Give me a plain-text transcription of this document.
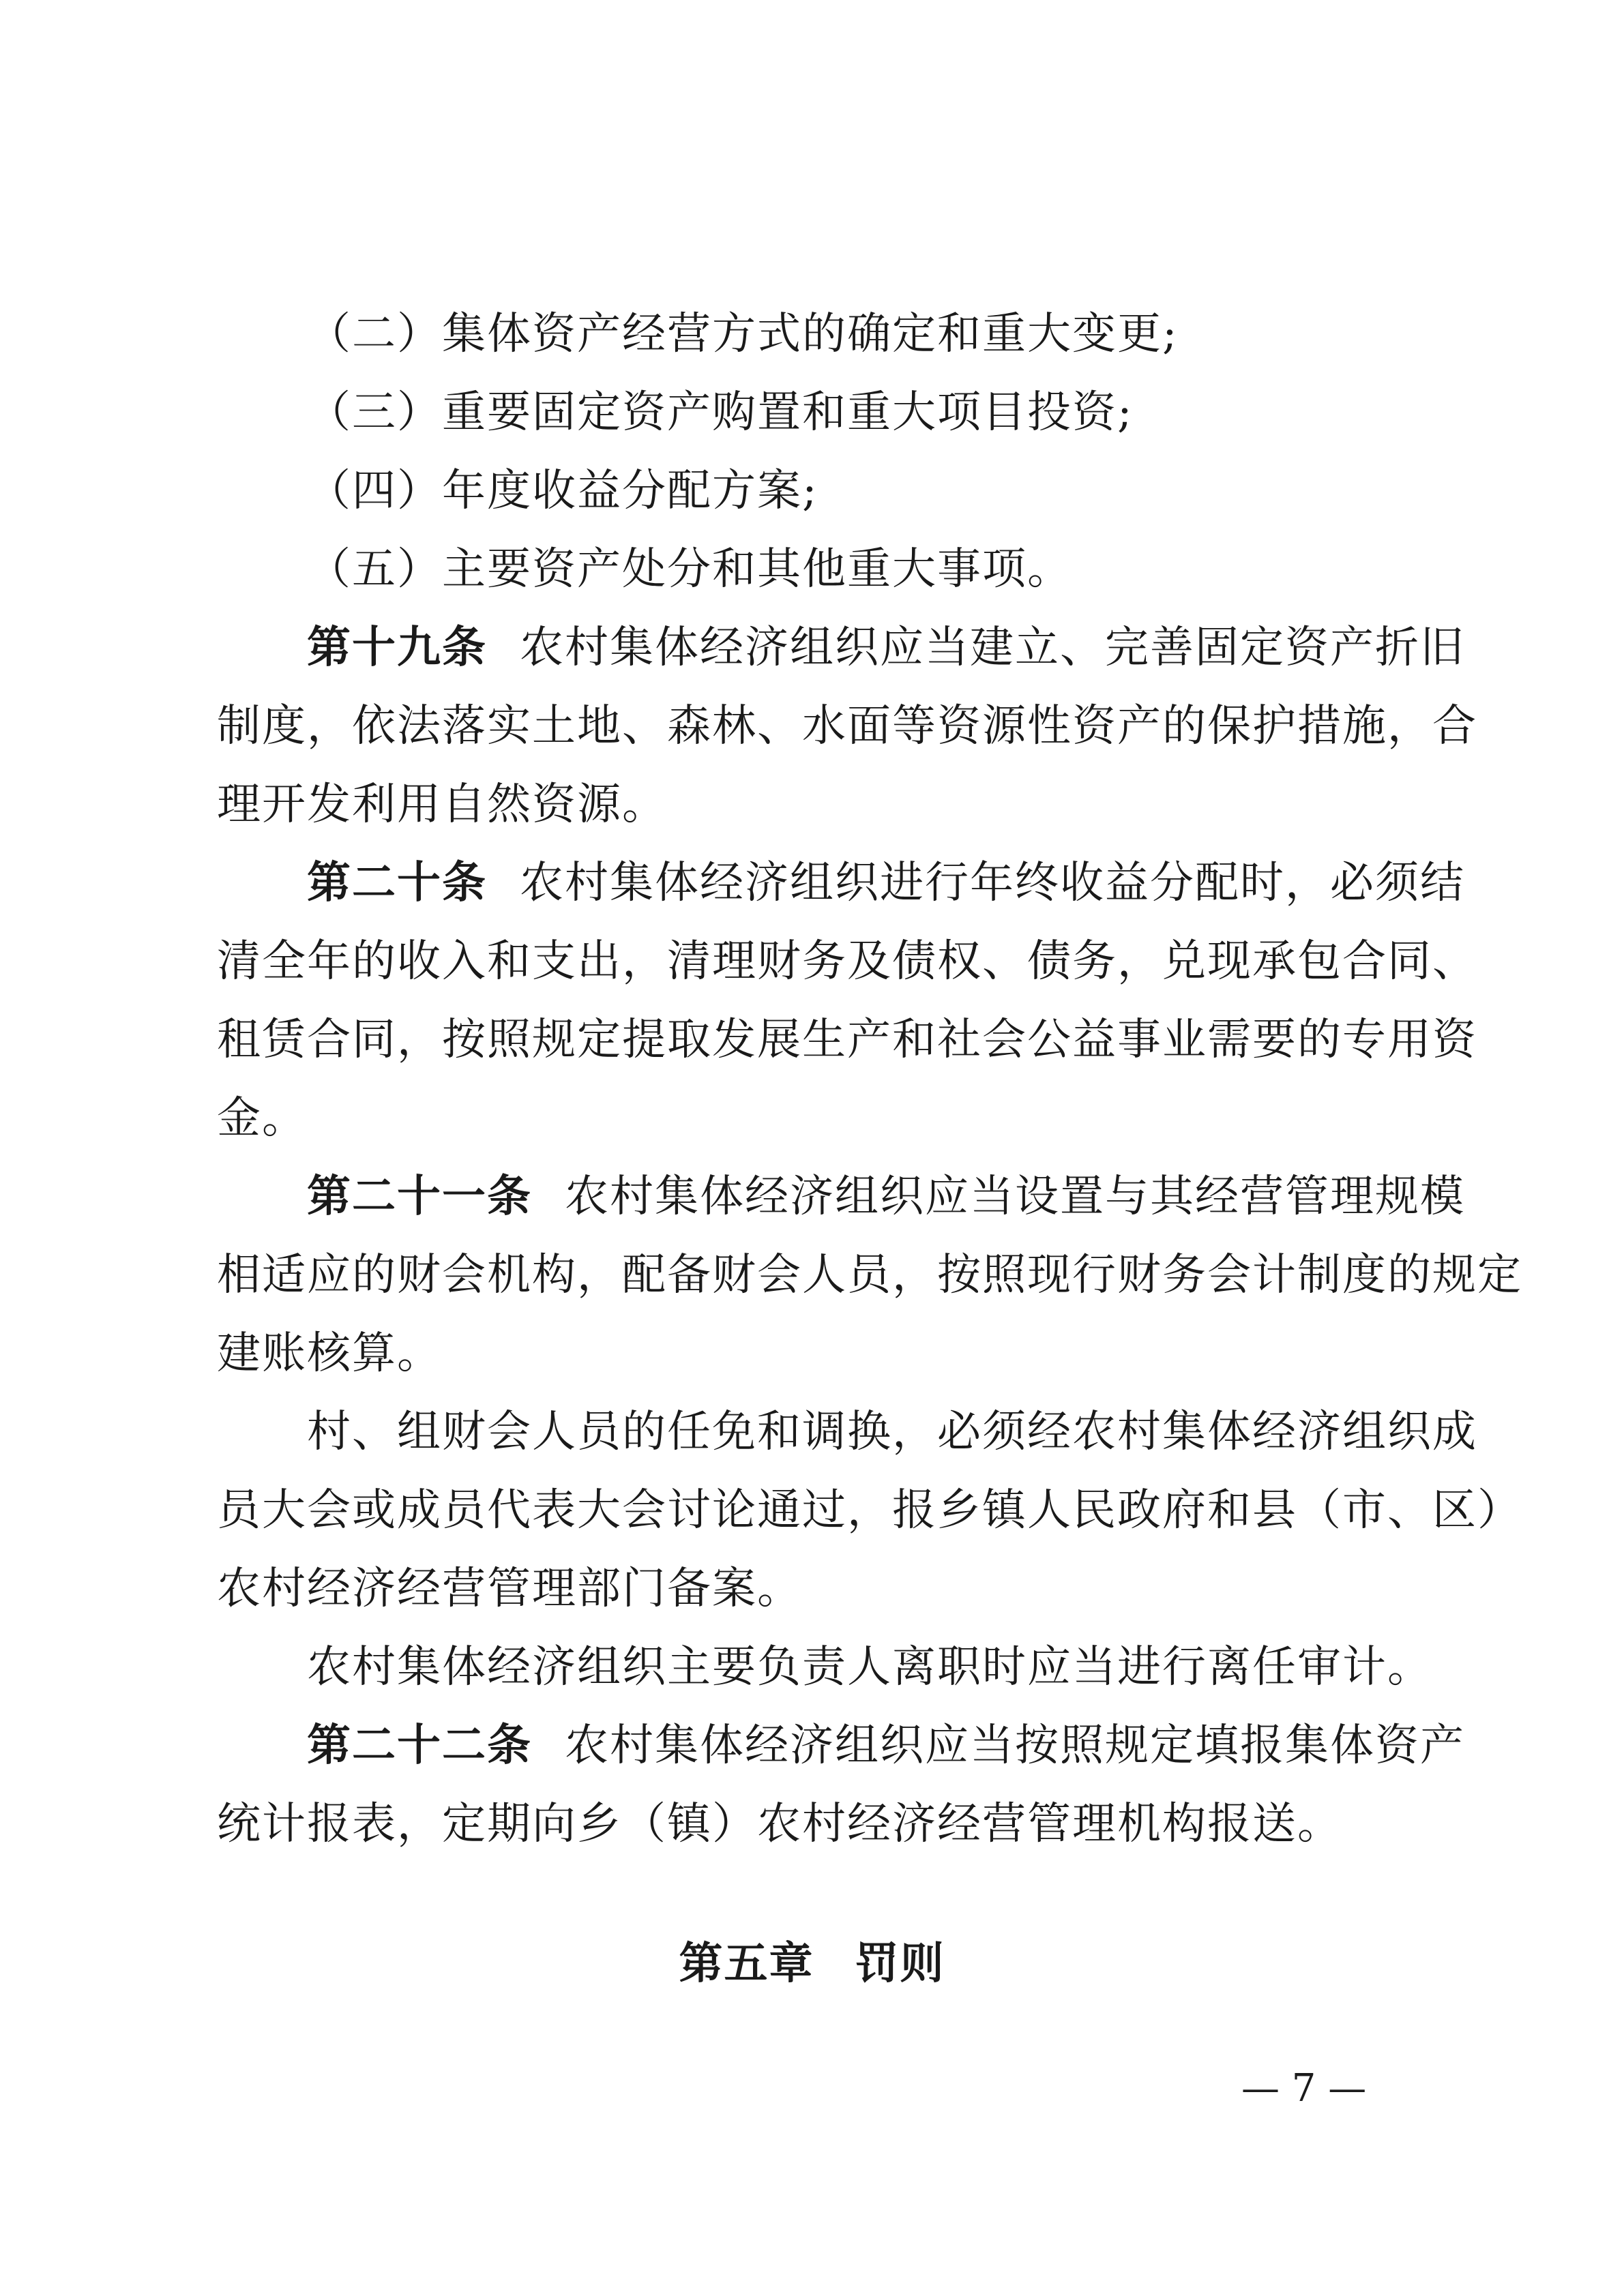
（二）集体资产经营方式的确定和重大变更;
（三）重要固定资产购置和重大项目投资;
（四）年度收益分配方案;
（五）主要资产处分和其他重大事项。
第十九条 农村集体经济组织应当建立、完善固定资产折旧
制度，依法落实土地、森林、水面等资源性资产的保护措施，合
理开发利用自然资源。
第二十条 农村集体经济组织进行年终收益分配时，必须结
清全年的收入和支出，清理财务及债权、债务，兑现承包合同、
租赁合同，按照规定提取发展生产和社会公益事业需要的专用资
金。
第二十一条 农村集体经济组织应当设置与其经营管理规模
相适应的财会机构，配备财会人员，按照现行财务会计制度的规定
建账核算。
村、组财会人员的任免和调换，必须经农村集体经济组织成
员大会或成员代表大会讨论通过，报乡镇人民政府和县（市、区）
农村经济经营管理部门备案。
农村集体经济组织主要负责人离职时应当进行离任审计。
第二十二条 农村集体经济组织应当按照规定填报集体资产
统计报表，定期向乡（镇）农村经济经营管理机构报送。
第五章 罚则
— 7 —
